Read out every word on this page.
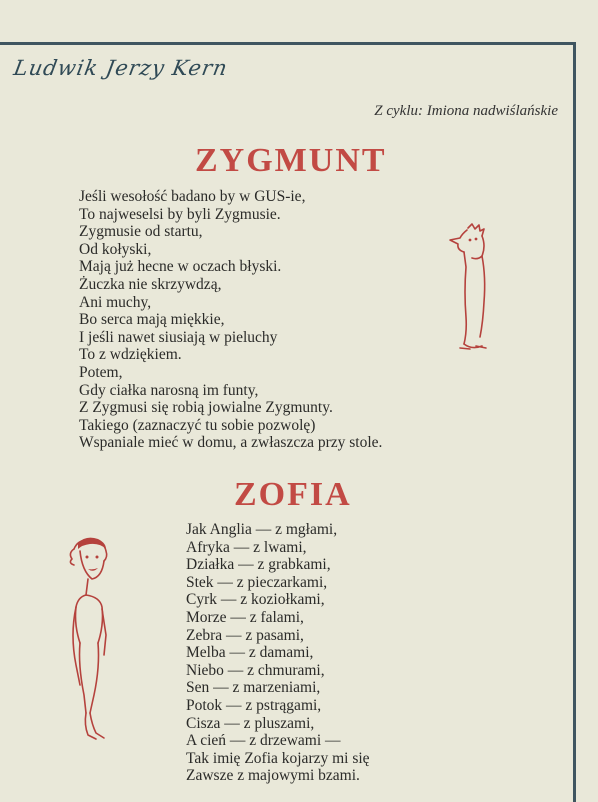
Ludwik Jerzy Kern
Z cyklu: Imiona nadwiślańskie
ZYGMUNT
Jeśli wesołość badano by w GUS-ie,
To najweselsi by byli Zygmusie.
Zygmusie od startu,
Od kołyski,
Mają już hecne w oczach błyski.
Żuczka nie skrzywdzą,
Ani muchy,
Bo serca mają miękkie,
I jeśli nawet siusiają w pieluchy
To z wdziękiem.
Potem,
Gdy ciałka narosną im funty,
Z Zygmusi się robią jowialne Zygmunty.
Takiego (zaznaczyć tu sobie pozwolę)
Wspaniale mieć w domu, a zwłaszcza przy stole.
ZOFIA
Jak Anglia — z mgłami,
Afryka — z lwami,
Działka — z grabkami,
Stek — z pieczarkami,
Cyrk — z koziołkami,
Morze — z falami,
Zebra — z pasami,
Melba — z damami,
Niebo — z chmurami,
Sen — z marzeniami,
Potok — z pstrągami,
Cisza — z pluszami,
A cień — z drzewami —
Tak imię Zofia kojarzy mi się
Zawsze z majowymi bzami.
